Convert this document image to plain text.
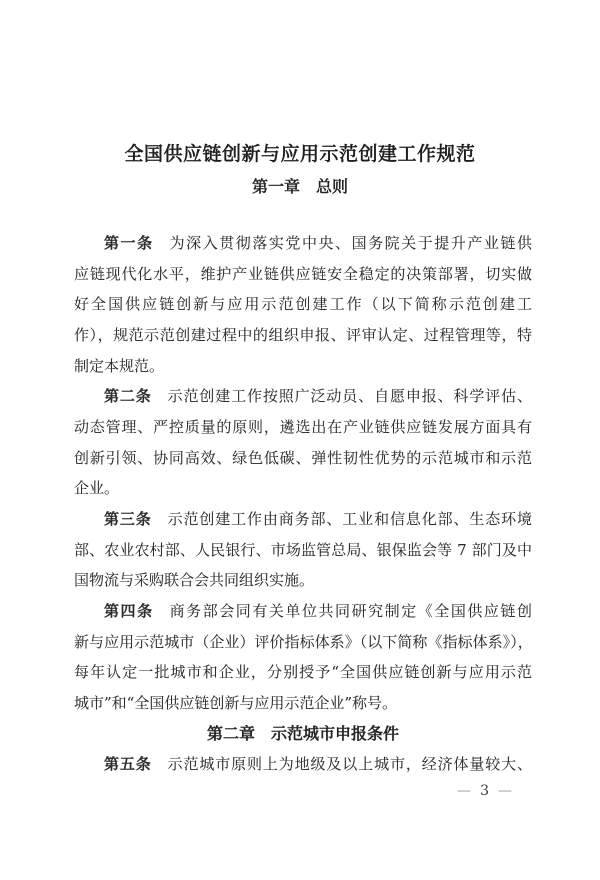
全国供应链创新与应用示范创建工作规范
第一章　总则
第一条 为深入贯彻落实党中央、国务院关于提升产业链供
应链现代化水平，维护产业链供应链安全稳定的决策部署，切实做
好全国供应链创新与应用示范创建工作（以下简称示范创建工
作），规范示范创建过程中的组织申报、评审认定、过程管理等，特
制定本规范。
第二条 示范创建工作按照广泛动员、自愿申报、科学评估、
动态管理、严控质量的原则，遴选出在产业链供应链发展方面具有
创新引领、协同高效、绿色低碳、弹性韧性优势的示范城市和示范
企业。
第三条 示范创建工作由商务部、工业和信息化部、生态环境
部、农业农村部、人民银行、市场监管总局、银保监会等 7 部门及中
国物流与采购联合会共同组织实施。
第四条 商务部会同有关单位共同研究制定《全国供应链创
新与应用示范城市（企业）评价指标体系》（以下简称《指标体系》），
每年认定一批城市和企业，分别授予“全国供应链创新与应用示范
城市”和“全国供应链创新与应用示范企业”称号。
第二章　示范城市申报条件
第五条 示范城市原则上为地级及以上城市，经济体量较大、
— 3 —
